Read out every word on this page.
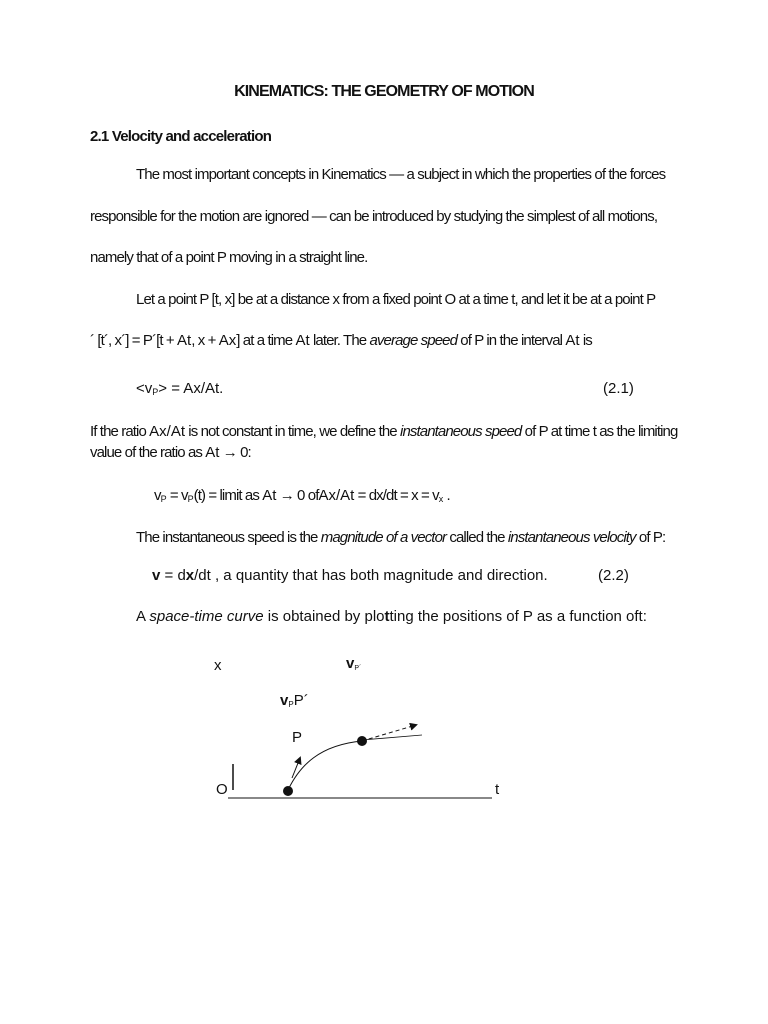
KINEMATICS: THE GEOMETRY OF MOTION
2.1 Velocity and acceleration
The most important concepts in Kinematics — a subject in which the properties of the forces
responsible for the motion are ignored — can be introduced by studying the simplest of all motions,
namely that of a point P moving in a straight line.
Let a point P [t, x] be at a distance x from a fixed point O at a time t, and let it be at a point P
´ [t´, x´] = P´[t + At, x + Ax] at a time At later. The average speed of P in the interval At is
$<v_P> = Ax/At$.	(2.1)
If the ratio Ax/At is not constant in time, we define the instantaneous speed of P at time t as the limiting
value of the ratio as At → 0:
$v_P = v_P(t)$ = limit as At → 0 ofAx/At = $dx/dt = x = v_x$ .
The instantaneous speed is the magnitude of a vector called the instantaneous velocity of P:
v = dx/dt , a quantity that has both magnitude and direction.	(2.2)
A space-time curve is obtained by plotting the positions of P as a function oft:
x	$v_{P´}$
$v_PP´$
P
O	t
